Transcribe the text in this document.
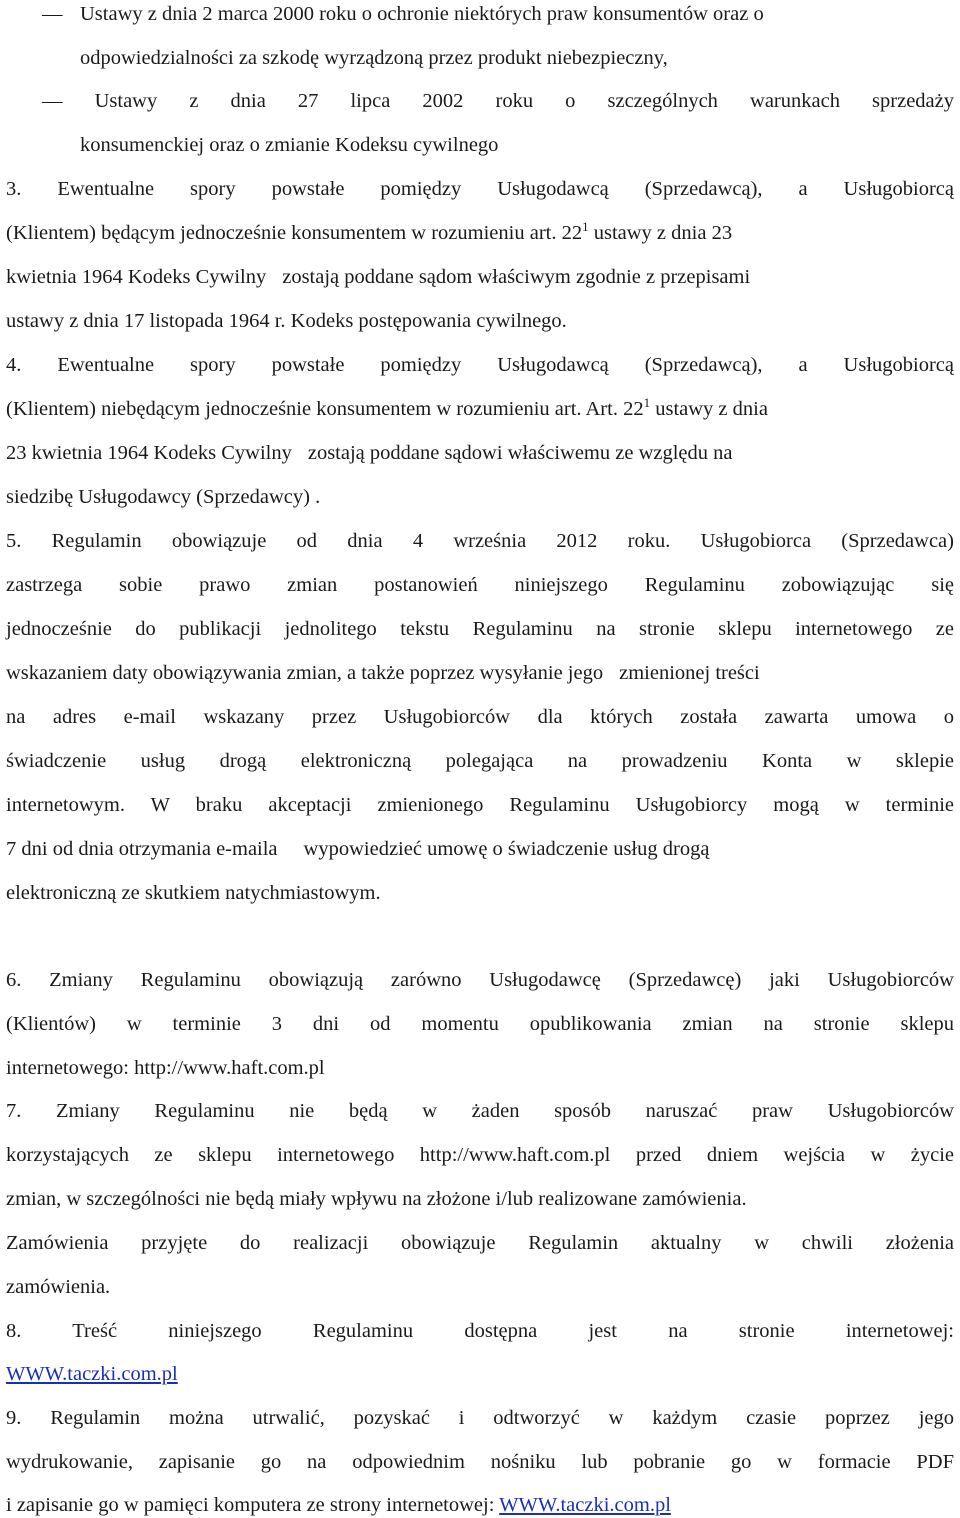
— Ustawy z dnia 2 marca 2000 roku o ochronie niektórych praw konsumentów oraz o
odpowiedzialności za szkodę wyrządzoną przez produkt niebezpieczny,
— Ustawy z dnia 27 lipca 2002 roku o szczególnych warunkach sprzedaży
konsumenckiej oraz o zmianie Kodeksu cywilnego
3. Ewentualne spory powstałe pomiędzy Usługodawcą (Sprzedawcą), a Usługobiorcą
(Klientem) będącym jednocześnie konsumentem w rozumieniu art. $22^1$ ustawy z dnia 23
kwietnia 1964 Kodeks Cywilny zostają poddane sądom właściwym zgodnie z przepisami
ustawy z dnia 17 listopada 1964 r. Kodeks postępowania cywilnego.
4. Ewentualne spory powstałe pomiędzy Usługodawcą (Sprzedawcą), a Usługobiorcą
(Klientem) niebędącym jednocześnie konsumentem w rozumieniu art. Art. $22^1$ ustawy z dnia
23 kwietnia 1964 Kodeks Cywilny zostają poddane sądowi właściwemu ze względu na
siedzibę Usługodawcy (Sprzedawcy) .
5. Regulamin obowiązuje od dnia 4 września 2012 roku. Usługobiorca (Sprzedawca)
zastrzega sobie prawo zmian postanowień niniejszego Regulaminu zobowiązując się
jednocześnie do publikacji jednolitego tekstu Regulaminu na stronie sklepu internetowego ze
wskazaniem daty obowiązywania zmian, a także poprzez wysyłanie jego zmienionej treści
na adres e-mail wskazany przez Usługobiorców dla których została zawarta umowa o
świadczenie usług drogą elektroniczną polegająca na prowadzeniu Konta w sklepie
internetowym. W braku akceptacji zmienionego Regulaminu Usługobiorcy mogą w terminie
7 dni od dnia otrzymania e-maila wypowiedzieć umowę o świadczenie usług drogą
elektroniczną ze skutkiem natychmiastowym.
6. Zmiany Regulaminu obowiązują zarówno Usługodawcę (Sprzedawcę) jaki Usługobiorców
(Klientów) w terminie 3 dni od momentu opublikowania zmian na stronie sklepu
internetowego: http://www.haft.com.pl
7. Zmiany Regulaminu nie będą w żaden sposób naruszać praw Usługobiorców
korzystających ze sklepu internetowego http://www.haft.com.pl przed dniem wejścia w życie
zmian, w szczególności nie będą miały wpływu na złożone i/lub realizowane zamówienia.
Zamówienia przyjęte do realizacji obowiązuje Regulamin aktualny w chwili złożenia
zamówienia.
8. Treść niniejszego Regulaminu dostępna jest na stronie internetowej:
WWW.taczki.com.pl
9. Regulamin można utrwalić, pozyskać i odtworzyć w każdym czasie poprzez jego
wydrukowanie, zapisanie go na odpowiednim nośniku lub pobranie go w formacie PDF
i zapisanie go w pamięci komputera ze strony internetowej: WWW.taczki.com.pl
